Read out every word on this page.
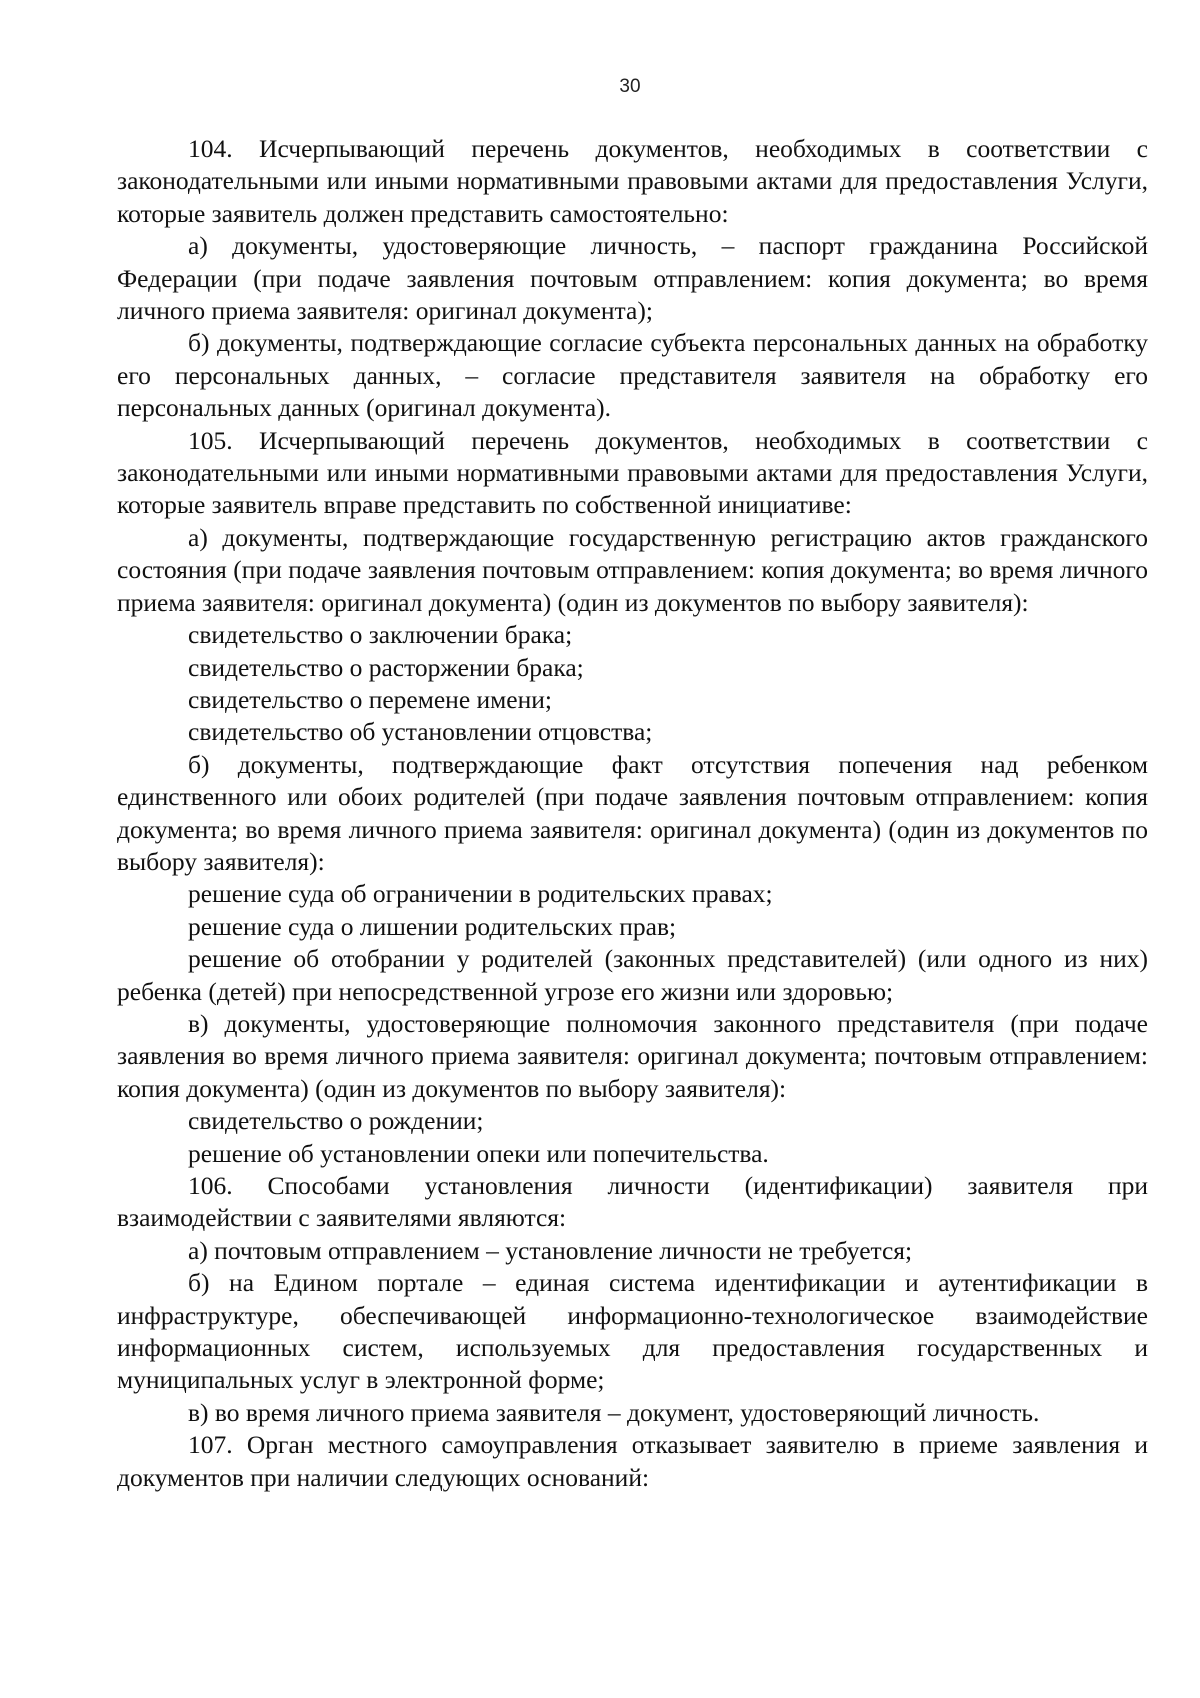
30

104. Исчерпывающий перечень документов, необходимых в соответствии с законодательными или иными нормативными правовыми актами для предоставления Услуги, которые заявитель должен представить самостоятельно:

а) документы, удостоверяющие личность, – паспорт гражданина Российской Федерации (при подаче заявления почтовым отправлением: копия документа; во время личного приема заявителя: оригинал документа);

б) документы, подтверждающие согласие субъекта персональных данных на обработку его персональных данных, – согласие представителя заявителя на обработку его персональных данных (оригинал документа).

105. Исчерпывающий перечень документов, необходимых в соответствии с законодательными или иными нормативными правовыми актами для предоставления Услуги, которые заявитель вправе представить по собственной инициативе:

а) документы, подтверждающие государственную регистрацию актов гражданского состояния (при подаче заявления почтовым отправлением: копия документа; во время личного приема заявителя: оригинал документа) (один из документов по выбору заявителя):

свидетельство о заключении брака;

свидетельство о расторжении брака;

свидетельство о перемене имени;

свидетельство об установлении отцовства;

б) документы, подтверждающие факт отсутствия попечения над ребенком единственного или обоих родителей (при подаче заявления почтовым отправлением: копия документа; во время личного приема заявителя: оригинал документа) (один из документов по выбору заявителя):

решение суда об ограничении в родительских правах;

решение суда о лишении родительских прав;

решение об отобрании у родителей (законных представителей) (или одного из них) ребенка (детей) при непосредственной угрозе его жизни или здоровью;

в) документы, удостоверяющие полномочия законного представителя (при подаче заявления во время личного приема заявителя: оригинал документа; почтовым отправлением: копия документа) (один из документов по выбору заявителя):

свидетельство о рождении;

решение об установлении опеки или попечительства.

106. Способами установления личности (идентификации) заявителя при взаимодействии с заявителями являются:

а) почтовым отправлением – установление личности не требуется;

б) на Едином портале – единая система идентификации и аутентификации в инфраструктуре, обеспечивающей информационно-технологическое взаимодействие информационных систем, используемых для предоставления государственных и муниципальных услуг в электронной форме;

в) во время личного приема заявителя – документ, удостоверяющий личность.

107. Орган местного самоуправления отказывает заявителю в приеме заявления и документов при наличии следующих оснований:
